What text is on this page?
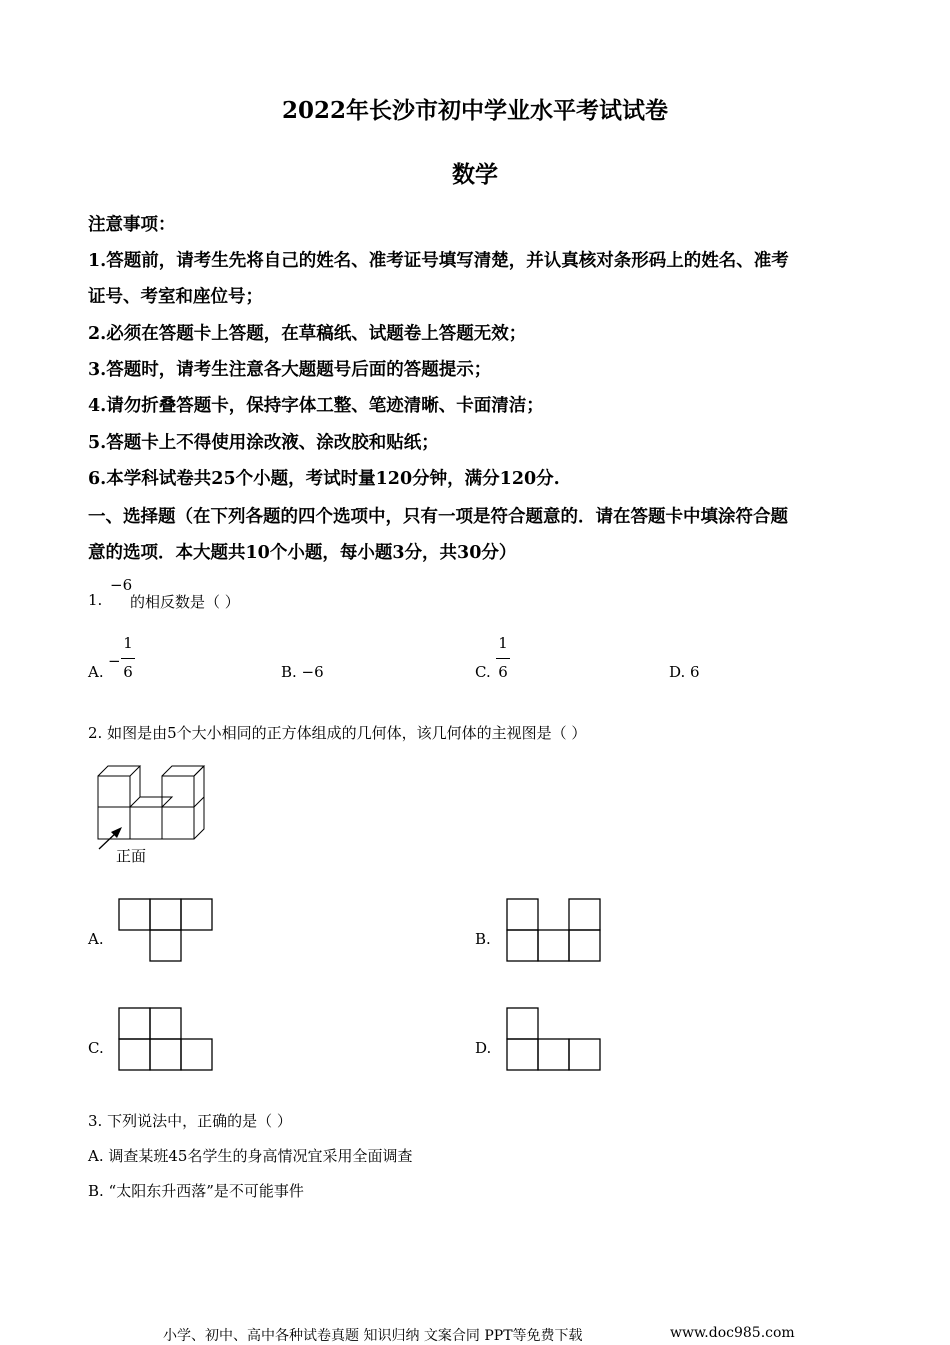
2022年长沙市初中学业水平考试试卷
数学
注意事项：
1.答题前，请考生先将自己的姓名、准考证号填写清楚，并认真核对条形码上的姓名、准考
证号、考室和座位号；
2.必须在答题卡上答题，在草稿纸、试题卷上答题无效；
3.答题时，请考生注意各大题题号后面的答题提示；
4.请勿折叠答题卡，保持字体工整、笔迹清晰、卡面清洁；
5.答题卡上不得使用涂改液、涂改胶和贴纸；
6.本学科试卷共25个小题，考试时量120分钟，满分120分.
一、选择题（在下列各题的四个选项中，只有一项是符合题意的．请在答题卡中填涂符合题
意的选项．本大题共10个小题，每小题3分，共30分）
1.
−6
的相反数是（ ）
A.
−
1
6	B. −6	C.
1
6	D. 6
2. 如图是由5个大小相同的正方体组成的几何体，该几何体的主视图是（ ）
正面
A.	B.
C.	D.
3. 下列说法中，正确的是（ ）
A. 调查某班45名学生的身高情况宜采用全面调查
B. “太阳东升西落”是不可能事件
小学、初中、高中各种试卷真题 知识归纳 文案合同 PPT等免费下载	www.doc985.com
